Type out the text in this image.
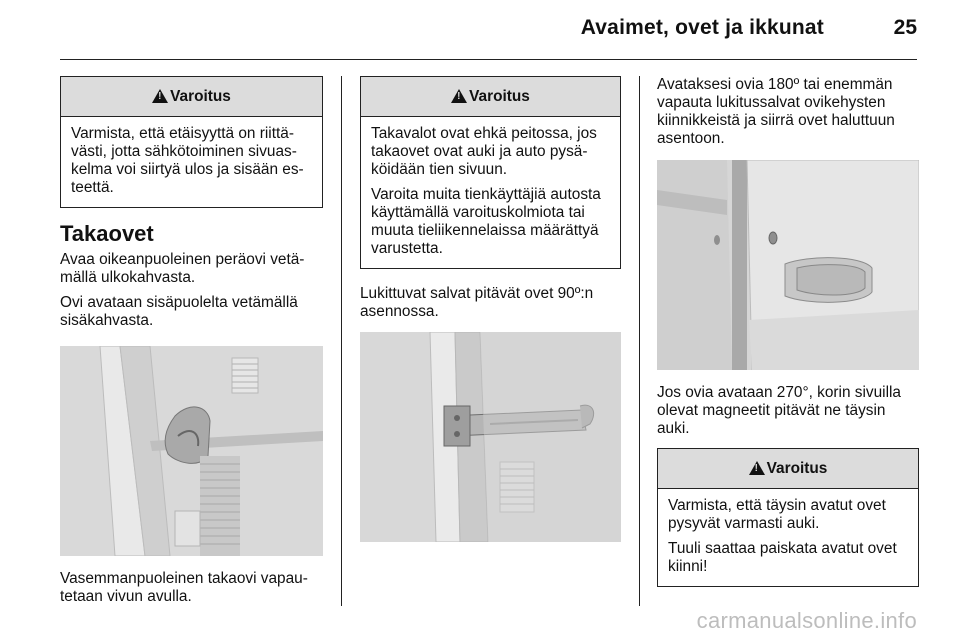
Avaimet, ovet ja ikkunat	25
!
Varoitus
Varmista, että etäisyyttä on riittä-
västi, jotta sähkötoiminen sivuas-
kelma voi siirtyä ulos ja sisään es-
teettä.
Takaovet
Avaa oikeanpuoleinen peräovi vetä-
mällä ulkokahvasta.
Ovi avataan sisäpuolelta vetämällä
sisäkahvasta.
Vasemmanpuoleinen takaovi vapau-
tetaan vivun avulla.
!
Varoitus
Takavalot ovat ehkä peitossa, jos
takaovet ovat auki ja auto pysä-
köidään tien sivuun.
Varoita muita tienkäyttäjiä autosta
käyttämällä varoituskolmiota tai
muuta tieliikennelaissa määrättyä
varustetta.
Lukittuvat salvat pitävät ovet 90º:n
asennossa.
Avataksesi ovia 180º tai enemmän
vapauta lukitussalvat ovikehysten
kiinnikkeistä ja siirrä ovet haluttuun
asentoon.
Jos ovia avataan 270°, korin sivuilla
olevat magneetit pitävät ne täysin
auki.
!
Varoitus
Varmista, että täysin avatut ovet
pysyvät varmasti auki.
Tuuli saattaa paiskata avatut ovet
kiinni!
carmanualsonline.info
